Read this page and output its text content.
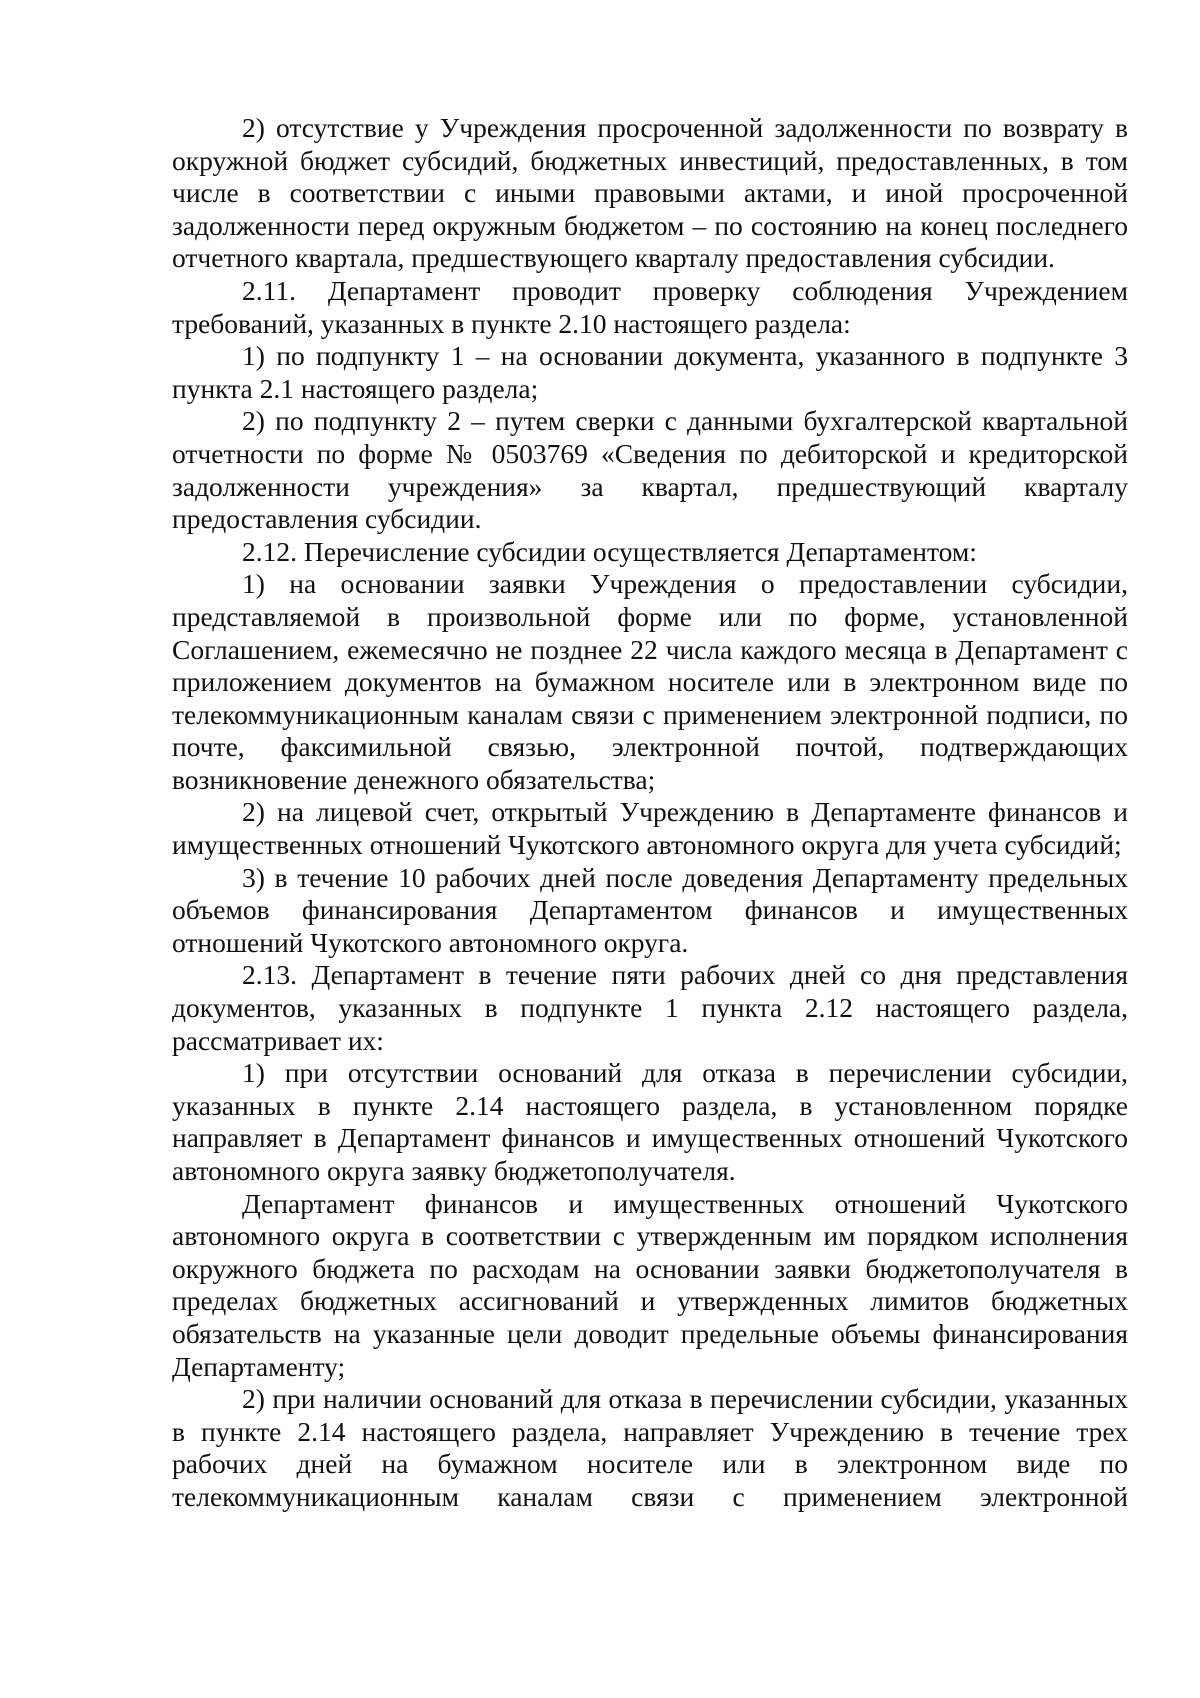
2) отсутствие у Учреждения просроченной задолженности по возврату в окружной бюджет субсидий, бюджетных инвестиций, предоставленных, в том числе в соответствии с иными правовыми актами, и иной просроченной задолженности перед окружным бюджетом – по состоянию на конец последнего отчетного квартала, предшествующего кварталу предоставления субсидии.

2.11. Департамент проводит проверку соблюдения Учреждением требований, указанных в пункте 2.10 настоящего раздела:

1) по подпункту 1 – на основании документа, указанного в подпункте 3 пункта 2.1 настоящего раздела;

2) по подпункту 2 – путем сверки с данными бухгалтерской квартальной отчетности по форме № 0503769 «Сведения по дебиторской и кредиторской задолженности учреждения» за квартал, предшествующий кварталу предоставления субсидии.

2.12. Перечисление субсидии осуществляется Департаментом:

1) на основании заявки Учреждения о предоставлении субсидии, представляемой в произвольной форме или по форме, установленной Соглашением, ежемесячно не позднее 22 числа каждого месяца в Департамент с приложением документов на бумажном носителе или в электронном виде по телекоммуникационным каналам связи с применением электронной подписи, по почте, факсимильной связью, электронной почтой, подтверждающих возникновение денежного обязательства;

2) на лицевой счет, открытый Учреждению в Департаменте финансов и имущественных отношений Чукотского автономного округа для учета субсидий;

3) в течение 10 рабочих дней после доведения Департаменту предельных объемов финансирования Департаментом финансов и имущественных отношений Чукотского автономного округа.

2.13. Департамент в течение пяти рабочих дней со дня представления документов, указанных в подпункте 1 пункта 2.12 настоящего раздела, рассматривает их:

1) при отсутствии оснований для отказа в перечислении субсидии, указанных в пункте 2.14 настоящего раздела, в установленном порядке направляет в Департамент финансов и имущественных отношений Чукотского автономного округа заявку бюджетополучателя.

Департамент финансов и имущественных отношений Чукотского автономного округа в соответствии с утвержденным им порядком исполнения окружного бюджета по расходам на основании заявки бюджетополучателя в пределах бюджетных ассигнований и утвержденных лимитов бюджетных обязательств на указанные цели доводит предельные объемы финансирования Департаменту;

2) при наличии оснований для отказа в перечислении субсидии, указанных в пункте 2.14 настоящего раздела, направляет Учреждению в течение трех рабочих дней на бумажном носителе или в электронном виде по телекоммуникационным каналам связи с применением электронной
